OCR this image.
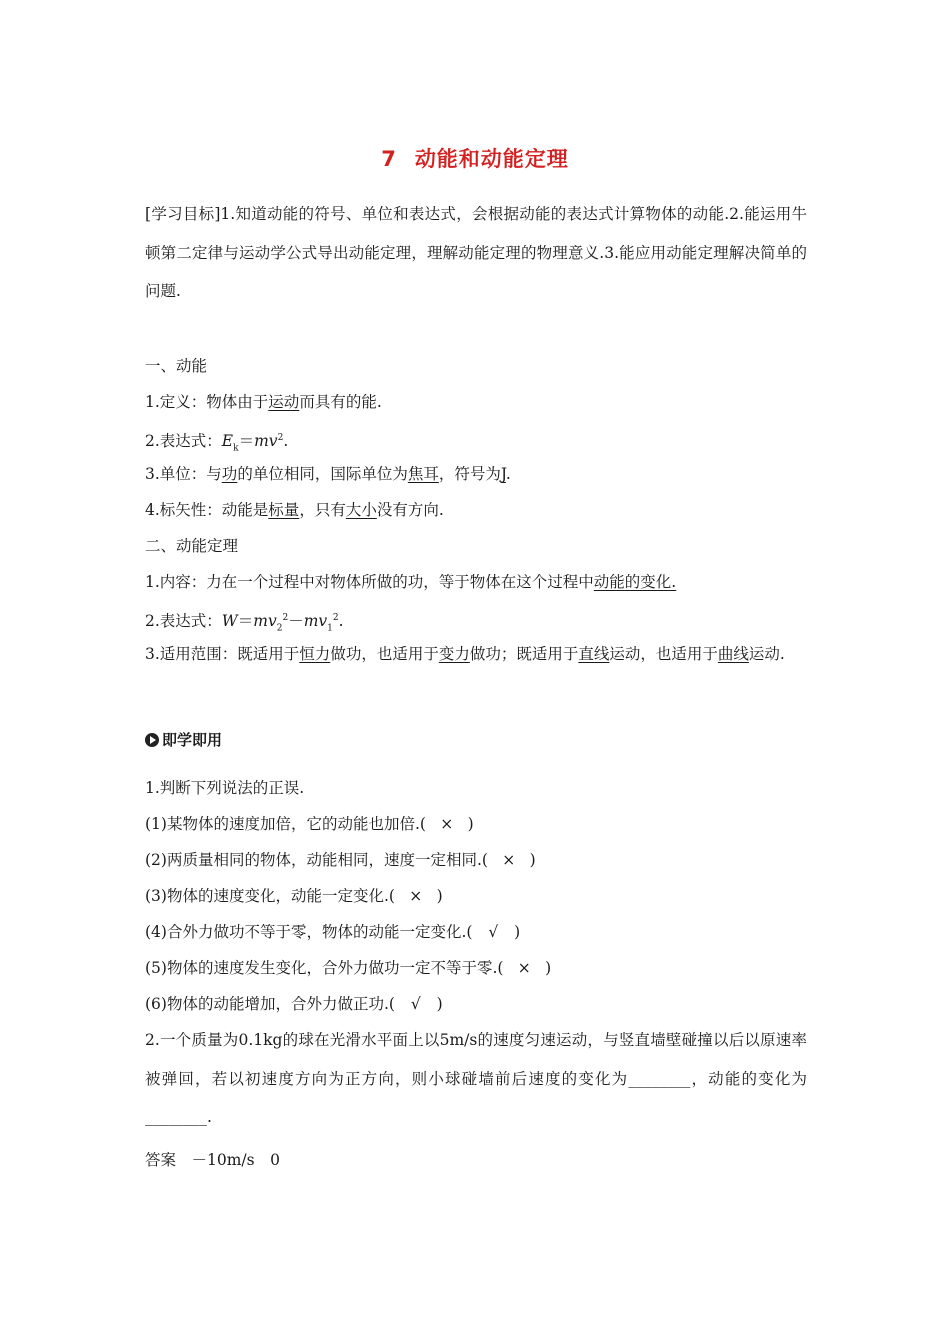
7 动能和动能定理
[学习目标]1.知道动能的符号、单位和表达式，会根据动能的表达式计算物体的动能.2.能运用牛顿第二定律与运动学公式导出动能定理，理解动能定理的物理意义.3.能应用动能定理解决简单的问题.
一、动能
1.定义：物体由于运动而具有的能.
2.表达式：$E_k=mv^2$.
3.单位：与功的单位相同，国际单位为焦耳，符号为J.
4.标矢性：动能是标量，只有大小没有方向.
二、动能定理
1.内容：力在一个过程中对物体所做的功，等于物体在这个过程中动能的变化.
2.表达式：$W=mv_2^2-mv_1^2$.
3.适用范围：既适用于恒力做功，也适用于变力做功；既适用于直线运动，也适用于曲线运动.
即学即用
1.判断下列说法的正误.
(1)某物体的速度加倍，它的动能也加倍.(  ×  )
(2)两质量相同的物体，动能相同，速度一定相同.(  ×  )
(3)物体的速度变化，动能一定变化.(  ×  )
(4)合外力做功不等于零，物体的动能一定变化.(  √  )
(5)物体的速度发生变化，合外力做功一定不等于零.(  ×  )
(6)物体的动能增加，合外力做正功.(  √  )
2.一个质量为0.1kg的球在光滑水平面上以5m/s的速度匀速运动，与竖直墙壁碰撞以后以原速率被弹回，若以初速度方向为正方向，则小球碰墙前后速度的变化为________，动能的变化为________.
答案　－10m/s　0
